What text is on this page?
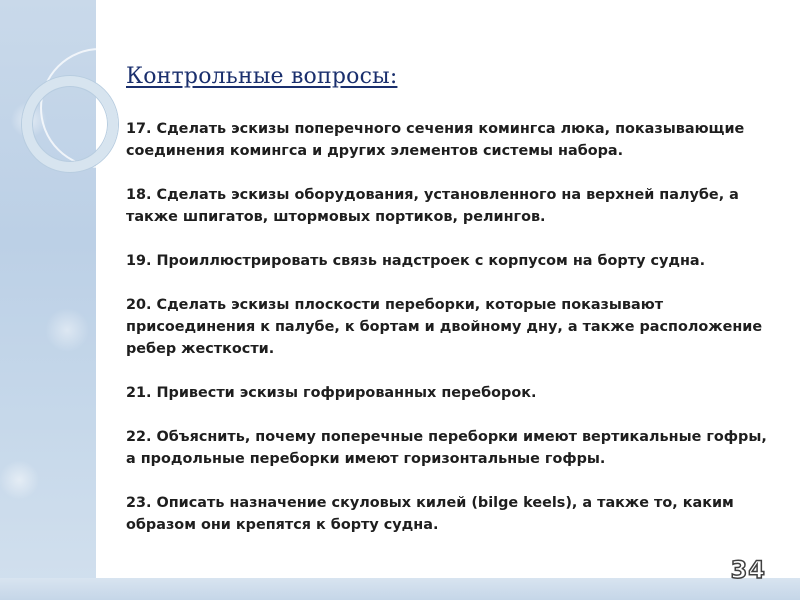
Контрольные вопросы:
17. Сделать эскизы поперечного сечения комингса люка, показывающие соединения комингса и других элементов системы набора.
18. Сделать эскизы оборудования, установленного на верхней палубе, а также шпигатов, штормовых портиков, релингов.
19. Проиллюстрировать связь надстроек с корпусом на борту судна.
20. Сделать эскизы плоскости переборки, которые показывают присоединения к палубе, к бортам и двойному дну, а также расположение ребер жесткости.
21. Привести эскизы гофрированных переборок.
22. Объяснить, почему поперечные переборки имеют вертикальные гофры, а продольные переборки имеют горизонтальные гофры.
23. Описать назначение скуловых килей (bilge keels), а также то, каким образом они крепятся к борту судна.
34
